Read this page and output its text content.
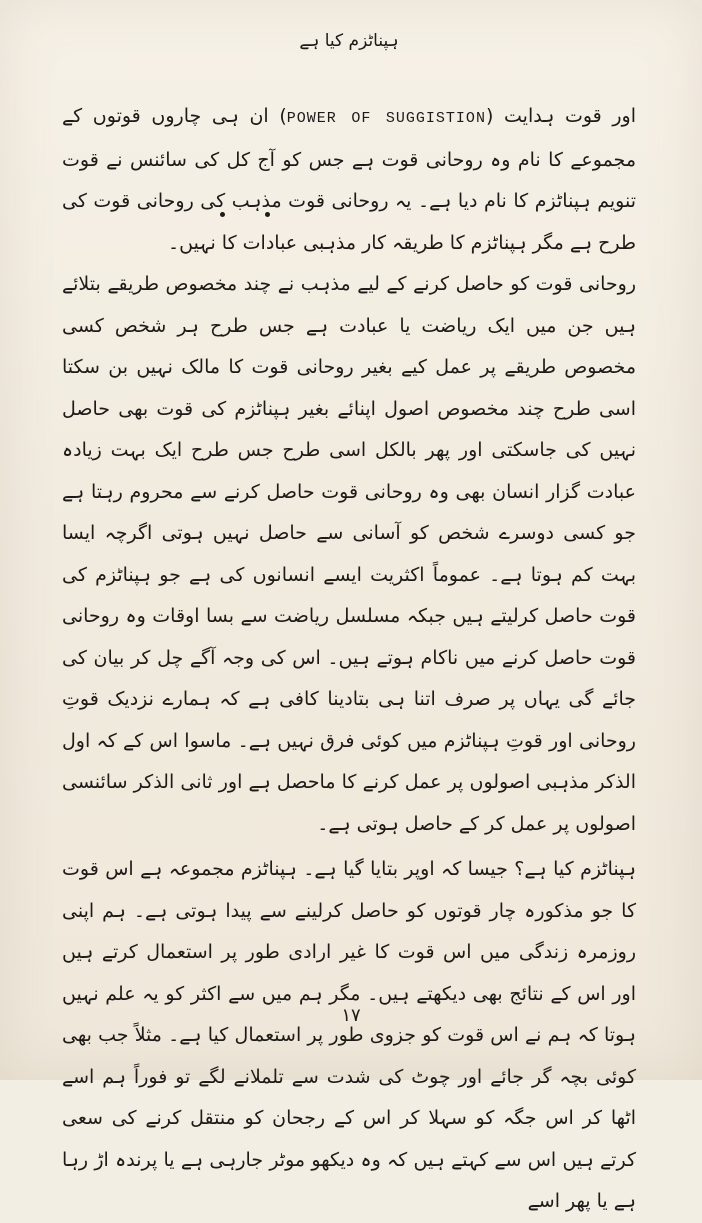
ہپناٹزم کیا ہے

اور قوت ہدایت (POWER OF SUGGISTION) ان ہی چاروں قوتوں کے مجموعے کا نام وہ روحانی قوت ہے جس کو آج کل کی سائنس نے قوت تنویم ہپناٹزم کا نام دیا ہے۔ یہ روحانی قوت مذہب کی روحانی قوت کی طرح ہے مگر ہپناٹزم کا طریقہ کار مذہبی عبادات کا نہیں۔

روحانی قوت کو حاصل کرنے کے لیے مذہب نے چند مخصوص طریقے بتلائے ہیں جن میں ایک ریاضت یا عبادت ہے جس طرح ہر شخص کسی مخصوص طریقے پر عمل کیے بغیر روحانی قوت کا مالک نہیں بن سکتا اسی طرح چند مخصوص اصول اپنائے بغیر ہپناٹزم کی قوت بھی حاصل نہیں کی جاسکتی اور پھر بالکل اسی طرح جس طرح ایک بہت زیادہ عبادت گزار انسان بھی وہ روحانی قوت حاصل کرنے سے محروم رہتا ہے جو کسی دوسرے شخص کو آسانی سے حاصل نہیں ہوتی اگرچہ ایسا بہت کم ہوتا ہے۔ عموماً اکثریت ایسے انسانوں کی ہے جو ہپناٹزم کی قوت حاصل کرلیتے ہیں جبکہ مسلسل ریاضت سے بسا اوقات وہ روحانی قوت حاصل کرنے میں ناکام ہوتے ہیں۔ اس کی وجہ آگے چل کر بیان کی جائے گی یہاں پر صرف اتنا ہی بتادینا کافی ہے کہ ہمارے نزدیک قوتِ روحانی اور قوتِ ہپناٹزم میں کوئی فرق نہیں ہے۔ ماسوا اس کے کہ اول الذکر مذہبی اصولوں پر عمل کرنے کا ماحصل ہے اور ثانی الذکر سائنسی اصولوں پر عمل کر کے حاصل ہوتی ہے۔

ہپناٹزم کیا ہے؟ جیسا کہ اوپر بتایا گیا ہے۔ ہپناٹزم مجموعہ ہے اس قوت کا جو مذکورہ چار قوتوں کو حاصل کرلینے سے پیدا ہوتی ہے۔ ہم اپنی روزمرہ زندگی میں اس قوت کا غیر ارادی طور پر استعمال کرتے ہیں اور اس کے نتائج بھی دیکھتے ہیں۔ مگر ہم میں سے اکثر کو یہ علم نہیں ہوتا کہ ہم نے اس قوت کو جزوی طور پر استعمال کیا ہے۔ مثلاً جب بھی کوئی بچہ گر جائے اور چوٹ کی شدت سے تلملانے لگے تو فوراً ہم اسے اٹھا کر اس جگہ کو سہلا کر اس کے رجحان کو منتقل کرنے کی سعی کرتے ہیں اس سے کہتے ہیں کہ وہ دیکھو موٹر جارہی ہے یا پرندہ اڑ رہا ہے یا پھر اسے

١٧
